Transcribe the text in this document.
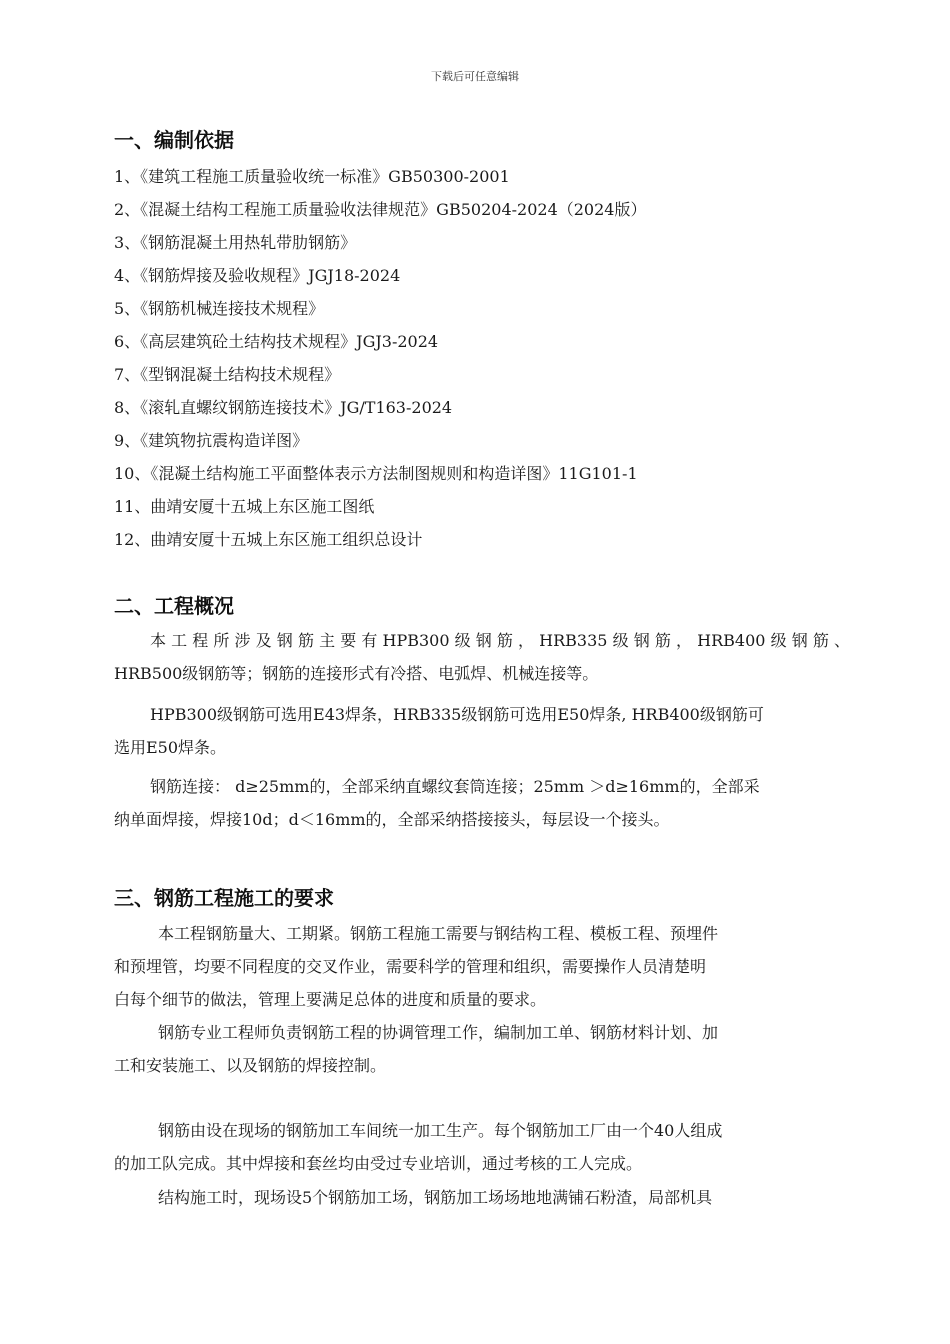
下载后可任意编辑
一、编制依据
1、《建筑工程施工质量验收统一标准》GB50300-2001
2、《混凝土结构工程施工质量验收法律规范》GB50204-2024（2024版）
3、《钢筋混凝土用热轧带肋钢筋》
4、《钢筋焊接及验收规程》JGJ18-2024
5、《钢筋机械连接技术规程》
6、《高层建筑砼土结构技术规程》JGJ3-2024
7、《型钢混凝土结构技术规程》
8、《滚轧直螺纹钢筋连接技术》JG/T163-2024
9、《建筑物抗震构造详图》
10、《混凝土结构施工平面整体表示方法制图规则和构造详图》11G101-1
11、曲靖安厦十五城上东区施工图纸
12、曲靖安厦十五城上东区施工组织总设计
二、工程概况
本工程所涉及钢筋主要有HPB300级钢筋，HRB335级钢筋，HRB400级钢筋、
HRB500级钢筋等；钢筋的连接形式有冷搭、电弧焊、机械连接等。
HPB300级钢筋可选用E43焊条，HRB335级钢筋可选用E50焊条, HRB400级钢筋可
选用E50焊条。
钢筋连接： d≥25mm的，全部采纳直螺纹套筒连接；25mm ＞d≥16mm的，全部采
纳单面焊接，焊接10d；d＜16mm的，全部采纳搭接接头，每层设一个接头。
三、钢筋工程施工的要求
本工程钢筋量大、工期紧。钢筋工程施工需要与钢结构工程、模板工程、预埋件
和预埋管，均要不同程度的交叉作业，需要科学的管理和组织，需要操作人员清楚明
白每个细节的做法，管理上要满足总体的进度和质量的要求。
钢筋专业工程师负责钢筋工程的协调管理工作，编制加工单、钢筋材料计划、加
工和安装施工、以及钢筋的焊接控制。
钢筋由设在现场的钢筋加工车间统一加工生产。每个钢筋加工厂由一个40人组成
的加工队完成。其中焊接和套丝均由受过专业培训，通过考核的工人完成。
结构施工时，现场设5个钢筋加工场，钢筋加工场场地地满铺石粉渣，局部机具
